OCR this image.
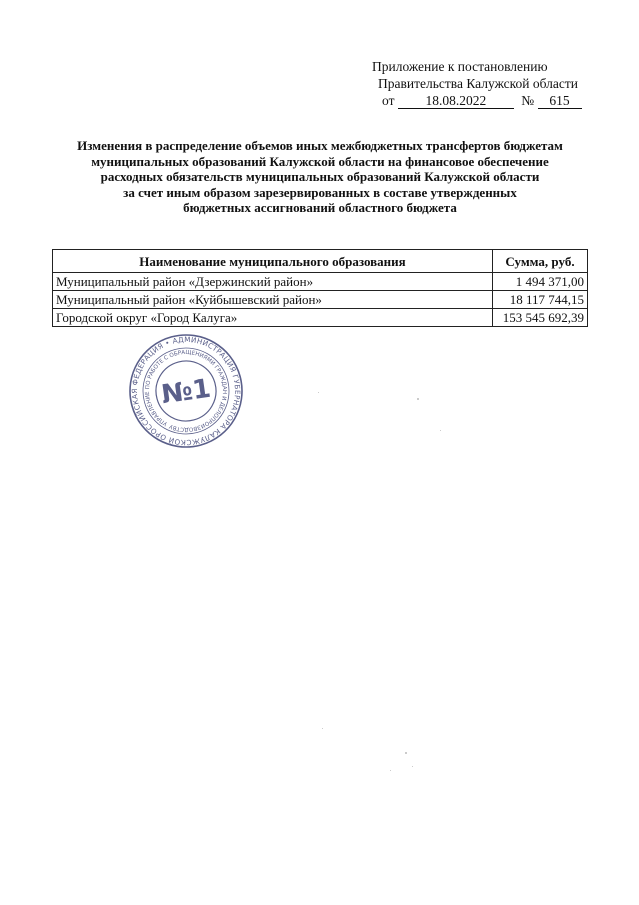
Приложение к постановлению
Правительства Калужской области
от 18.08.2022	№ 615
Изменения в распределение объемов иных межбюджетных трансфертов бюджетам
муниципальных образований Калужской области на финансовое обеспечение
расходных обязательств муниципальных образований Калужской области
за счет иным образом зарезервированных в составе утвержденных
бюджетных ассигнований областного бюджета
Наименование муниципального образования	Сумма, руб.
Муниципальный район «Дзержинский район»	1 494 371,00
Муниципальный район «Куйбышевский район»	18 117 744,15
Городской округ «Город Калуга»	153 545 692,39
РОССИЙСКАЯ ФЕДЕРАЦИЯ • АДМИНИСТРАЦИЯ ГУБЕРНАТОРА КАЛУЖСКОЙ ОБЛАСТИ
УПРАВЛЕНИЕ ПО РАБОТЕ С ОБРАЩЕНИЯМИ ГРАЖДАН И ДЕЛОПРОИЗВОДСТВУ
№1
